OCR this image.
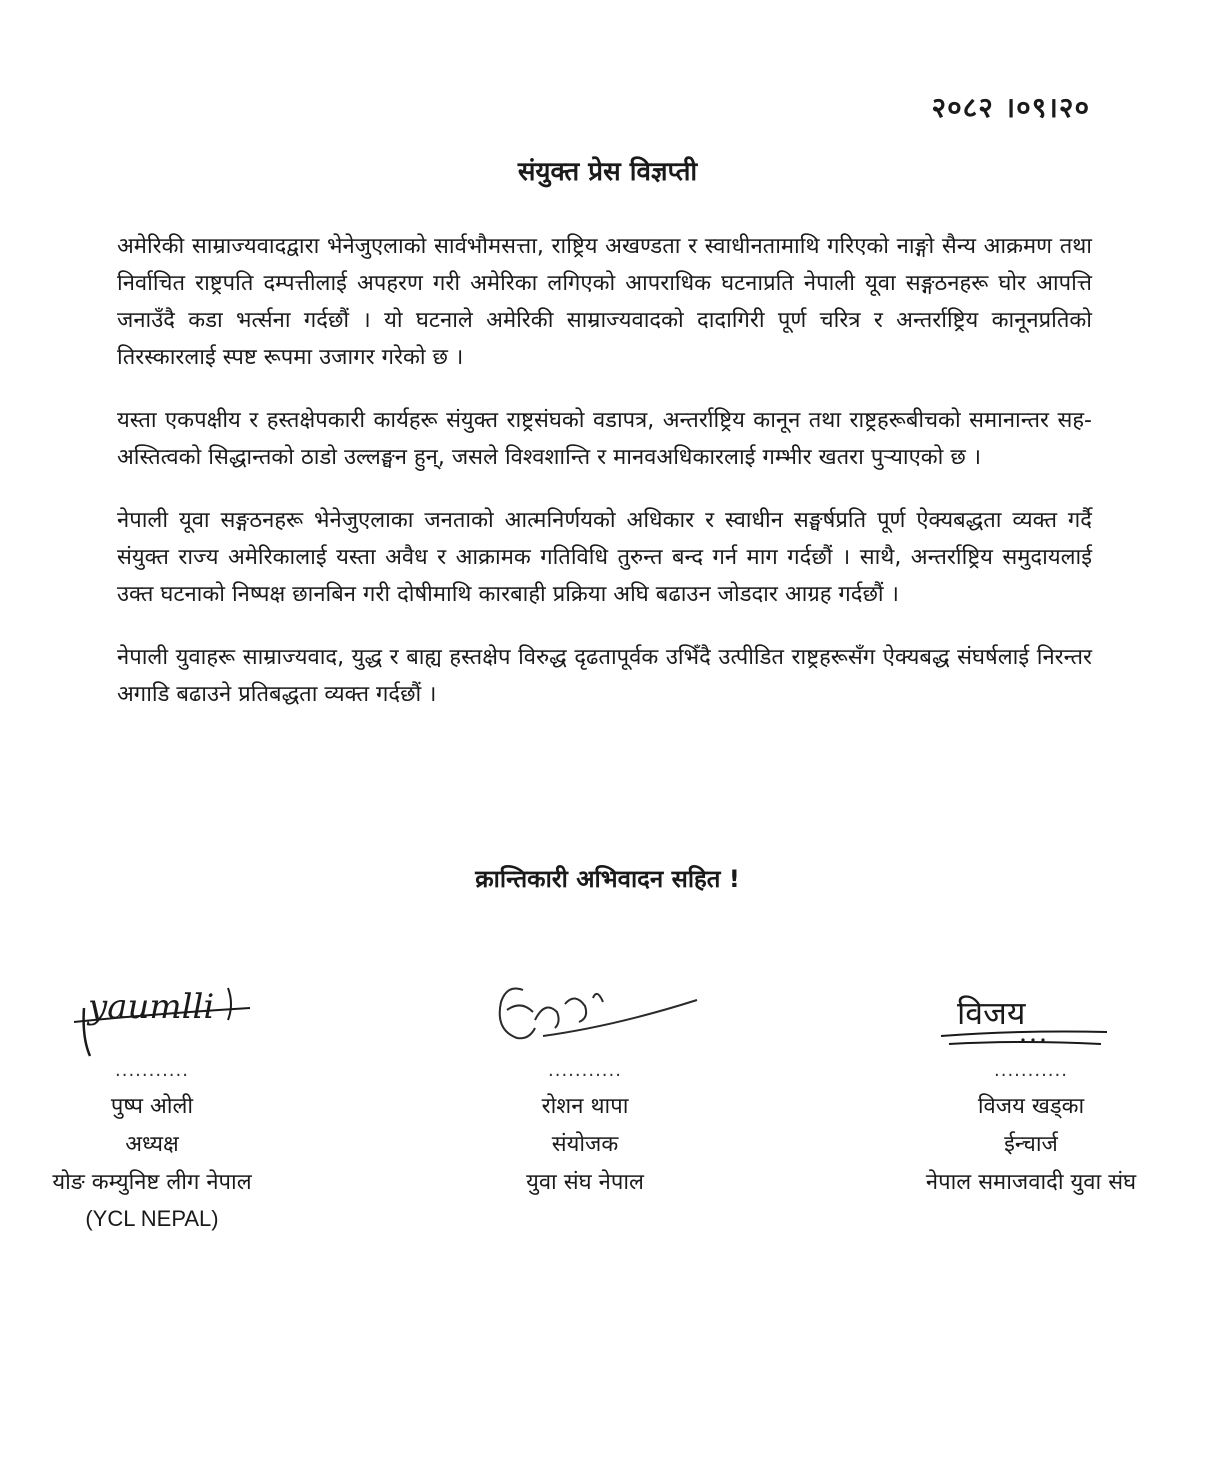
२०८२ ।०९।२०
संयुक्त प्रेस विज्ञप्ती

अमेरिकी साम्राज्यवादद्वारा भेनेजुएलाको सार्वभौमसत्ता, राष्ट्रिय अखण्डता र स्वाधीनतामाथि गरिएको नाङ्गो सैन्य आक्रमण तथा निर्वाचित राष्ट्रपति दम्पत्तीलाई अपहरण गरी अमेरिका लगिएको आपराधिक घटनाप्रति नेपाली यूवा सङ्गठनहरू घोर आपत्ति जनाउँदै कडा भर्त्सना गर्दछौं । यो घटनाले अमेरिकी साम्राज्यवादको दादागिरी पूर्ण चरित्र र अन्तर्राष्ट्रिय कानूनप्रतिको तिरस्कारलाई स्पष्ट रूपमा उजागर गरेको छ ।

यस्ता एकपक्षीय र हस्तक्षेपकारी कार्यहरू संयुक्त राष्ट्रसंघको वडापत्र, अन्तर्राष्ट्रिय कानून तथा राष्ट्रहरूबीचको समानान्तर सह-अस्तित्वको सिद्धान्तको ठाडो उल्लङ्घन हुन्, जसले विश्वशान्ति र मानवअधिकारलाई गम्भीर खतरा पुऱ्याएको छ ।

नेपाली यूवा सङ्गठनहरू भेनेजुएलाका जनताको आत्मनिर्णयको अधिकार र स्वाधीन सङ्घर्षप्रति पूर्ण ऐक्यबद्धता व्यक्त गर्दै संयुक्त राज्य अमेरिकालाई यस्ता अवैध र आक्रामक गतिविधि तुरुन्त बन्द गर्न माग गर्दछौं । साथै, अन्तर्राष्ट्रिय समुदायलाई उक्त घटनाको निष्पक्ष छानबिन गरी दोषीमाथि कारबाही प्रक्रिया अघि बढाउन जोडदार आग्रह गर्दछौं ।

नेपाली युवाहरू साम्राज्यवाद, युद्ध र बाह्य हस्तक्षेप विरुद्ध दृढतापूर्वक उभिँदै उत्पीडित राष्ट्रहरूसँग ऐक्यबद्ध संघर्षलाई निरन्तर अगाडि बढाउने प्रतिबद्धता व्यक्त गर्दछौं ।

क्रान्तिकारी अभिवादन सहित !
yaumlli
...........

पुष्प ओली

अध्यक्ष

योङ कम्युनिष्ट लीग नेपाल

(YCL NEPAL)

...........

रोशन थापा

संयोजक

युवा संघ नेपाल

विजय
...........

विजय खड्का

ईन्चार्ज

नेपाल समाजवादी युवा संघ
